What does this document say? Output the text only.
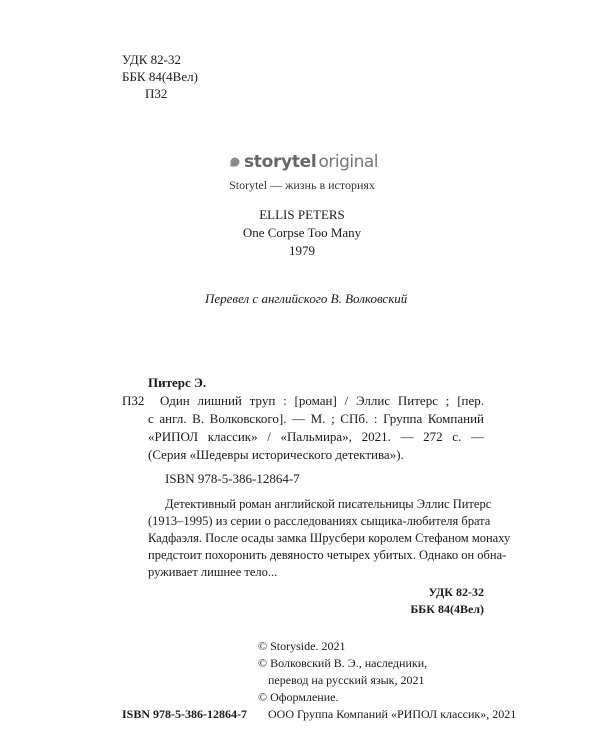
УДК 82-32
ББК 84(4Вел)
П32
storytel original
Storytel — жизнь в историях
ELLIS PETERS
One Corpse Too Many
1979
Перевел с английского В. Волковский
Питерс Э.
П32	Один лишний труп : [роман] / Эллис Питерс ; [пер.
с англ. В. Волковского]. — М. ; СПб. : Группа Компаний
«РИПОЛ классик» / «Пальмира», 2021. — 272 с. —
(Серия «Шедевры исторического детектива»).
ISBN 978-5-386-12864-7
Детективный роман английской писательницы Эллис Питерс
(1913–1995) из серии о расследованиях сыщика-любителя брата
Кадфаэля. После осады замка Шрусбери королем Стефаном монаху
предстоит похоронить девяносто четырех убитых. Однако он обна-
руживает лишнее тело...
УДК 82-32
ББК 84(4Вел)
© Storyside. 2021
© Волковский В. Э., наследники,
перевод на русский язык, 2021
© Оформление.
ООО Группа Компаний «РИПОЛ классик», 2021
ISBN 978-5-386-12864-7
